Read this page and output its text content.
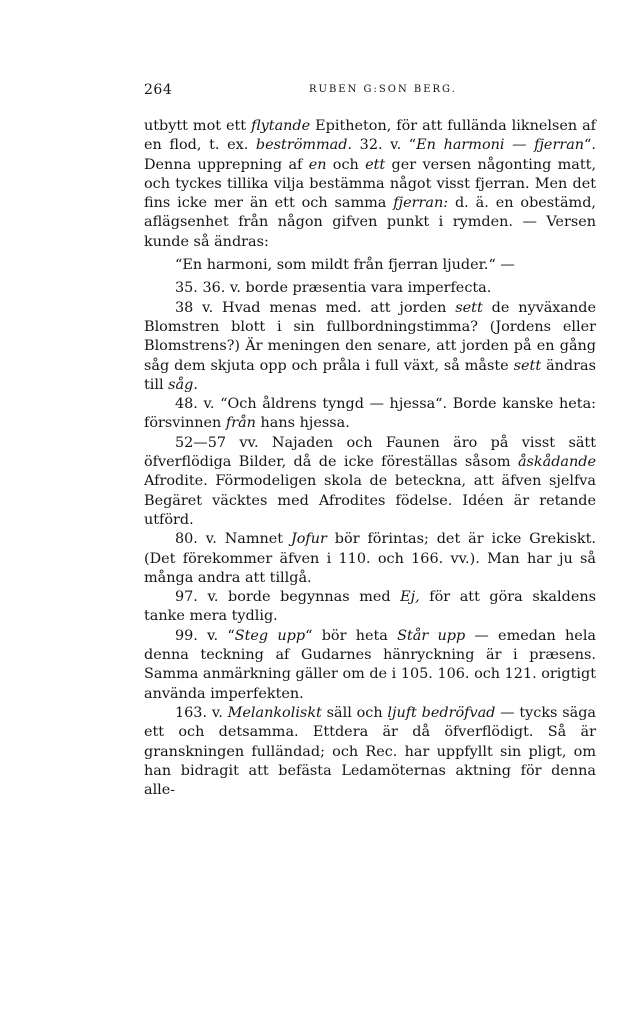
264	RUBEN G:SON BERG.

utbytt mot ett flytande Epitheton, för att fullända liknelsen af en flod, t. ex. beströmmad. 32. v. “En harmoni — fjerran“. Denna upprepning af en och ett ger versen någonting matt, och tyckes tillika vilja bestämma något visst fjerran. Men det fins icke mer än ett och samma fjerran: d. ä. en obestämd, aflägsenhet från någon gifven punkt i rymden. — Versen kunde så ändras:

“En harmoni, som mildt från fjerran ljuder.“ —

35. 36. v. borde præsentia vara imperfecta.

38 v. Hvad menas med. att jorden sett de nyväxande Blomstren blott i sin fullbordningstimma? (Jordens eller Blomstrens?) Är meningen den senare, att jorden på en gång såg dem skjuta opp och pråla i full växt, så måste sett ändras till såg.

48. v. “Och åldrens tyngd — hjessa“. Borde kanske heta: försvinnen från hans hjessa.

52—57 vv. Najaden och Faunen äro på visst sätt öfverflödiga Bilder, då de icke föreställas såsom åskådande Afrodite. Förmodeligen skola de beteckna, att äfven sjelfva Begäret väcktes med Afrodites födelse. Idéen är retande utförd.

80. v. Namnet Jofur bör förintas; det är icke Grekiskt. (Det förekommer äfven i 110. och 166. vv.). Man har ju så många andra att tillgå.

97. v. borde begynnas med Ej, för att göra skaldens tanke mera tydlig.

99. v. “Steg upp“ bör heta Står upp — emedan hela denna teckning af Gudarnes hänryckning är i præsens. Samma anmärkning gäller om de i 105. 106. och 121. origtigt använda imperfekten.

163. v. Melankoliskt säll och ljuft bedröfvad — tycks säga ett och detsamma. Ettdera är då öfverflödigt. Så är granskningen fulländad; och Rec. har uppfyllt sin pligt, om han bidragit att befästa Ledamöternas aktning för denna alle-
